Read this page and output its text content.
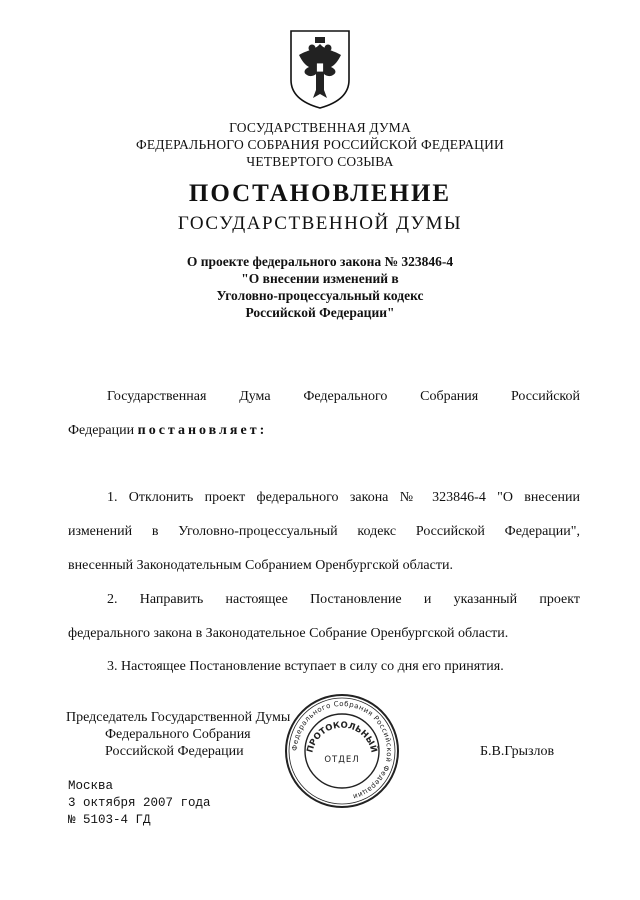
ГОСУДАРСТВЕННАЯ ДУМА
ФЕДЕРАЛЬНОГО СОБРАНИЯ РОССИЙСКОЙ ФЕДЕРАЦИИ
ЧЕТВЕРТОГО СОЗЫВА
ПОСТАНОВЛЕНИЕ
ГОСУДАРСТВЕННОЙ ДУМЫ
О проекте федерального закона № 323846-4
"О внесении изменений в
Уголовно-процессуальный кодекс
Российской Федерации"
Государственная Дума Федерального Собрания Российской
Федерации постановляет:
1. Отклонить проект федерального закона № 323846-4 "О внесении
изменений в Уголовно-процессуальный кодекс Российской Федерации",
внесенный Законодательным Собранием Оренбургской области.
2. Направить настоящее Постановление и указанный проект
федерального закона в Законодательное Собрание Оренбургской области.
3. Настоящее Постановление вступает в силу со дня его принятия.
Председатель Государственной Думы
Федерального Собрания
Российской Федерации	Б.В.Грызлов
Федерального Собрания Российской Федерации
ПРОТОКОЛЬНЫЙ
ОТДЕЛ
Москва
3 октября 2007 года
№ 5103-4 ГД
